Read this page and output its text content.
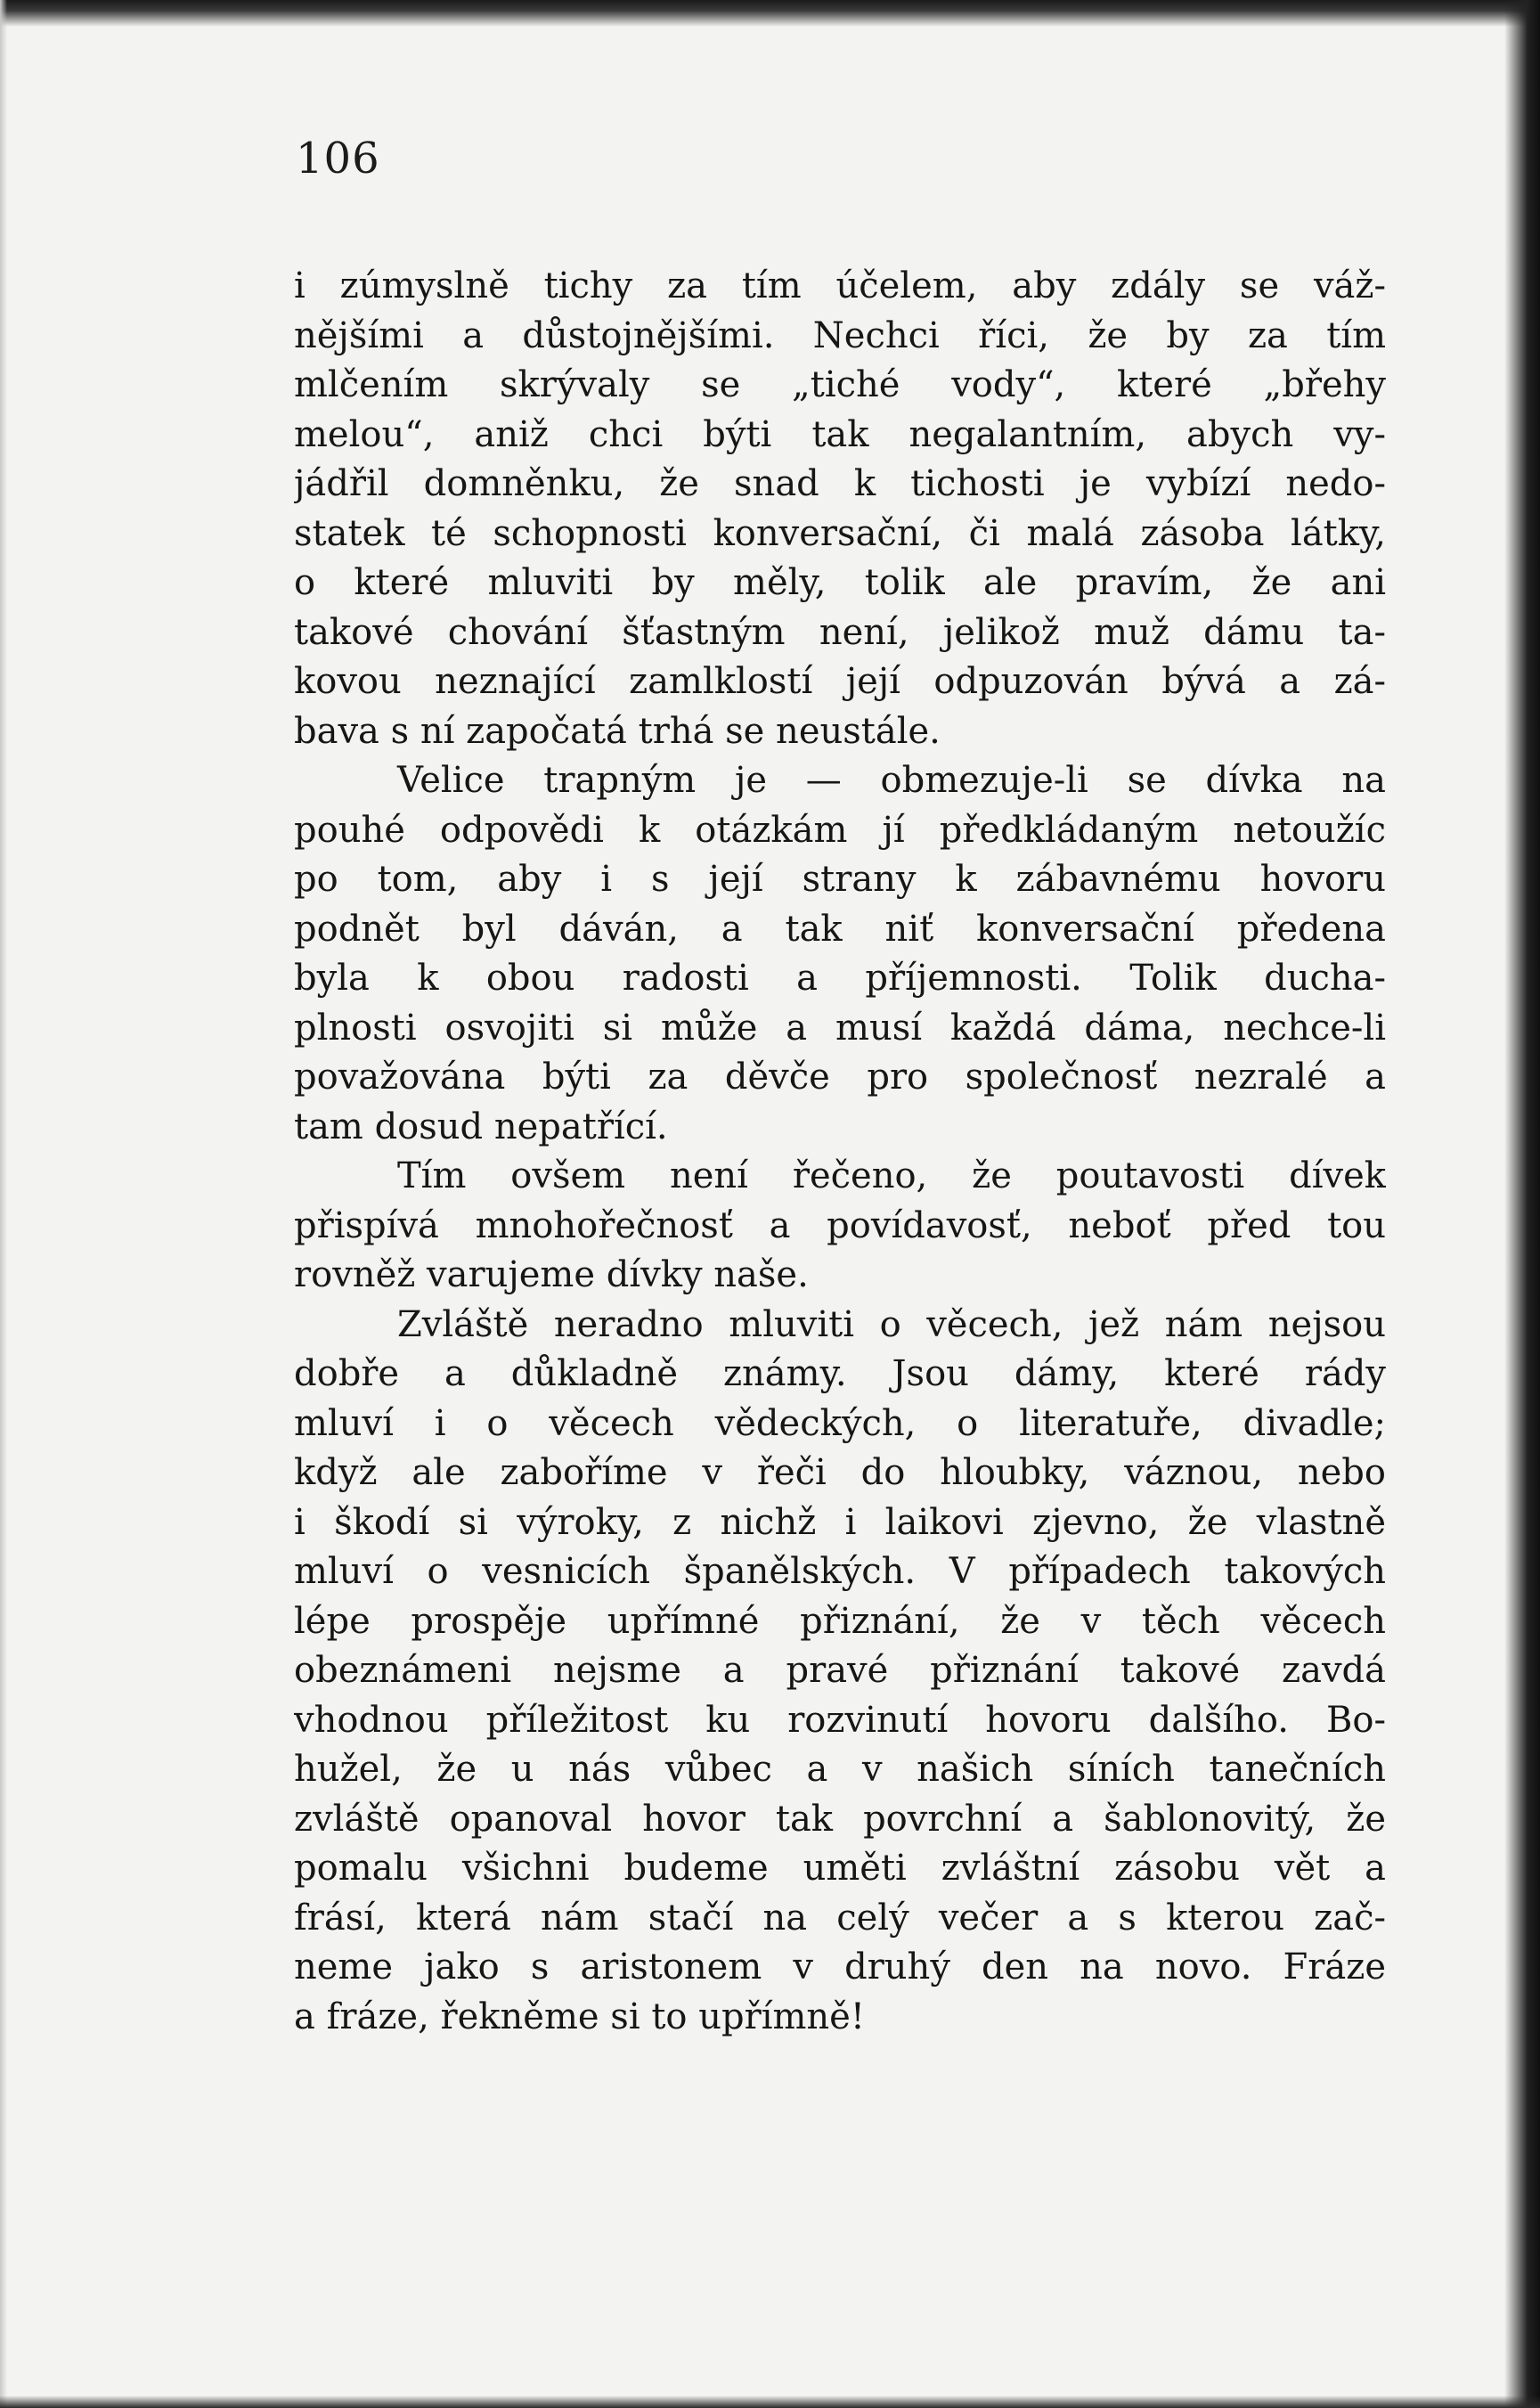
106
i zúmyslně tichy za tím účelem, aby zdály se váž-
nějšími a důstojnějšími. Nechci říci, že by za tím
mlčením skrývaly se „tiché vody“, které „břehy
melou“, aniž chci býti tak negalantním, abych vy-
jádřil domněnku, že snad k tichosti je vybízí nedo-
statek té schopnosti konversační, či malá zásoba látky,
o které mluviti by měly, tolik ale pravím, že ani
takové chování šťastným není, jelikož muž dámu ta-
kovou neznající zamlklostí její odpuzován bývá a zá-
bava s ní započatá trhá se neustále.
Velice trapným je — obmezuje-li se dívka na
pouhé odpovědi k otázkám jí předkládaným netoužíc
po tom, aby i s její strany k zábavnému hovoru
podnět byl dáván, a tak niť konversační předena
byla k obou radosti a příjemnosti. Tolik ducha-
plnosti osvojiti si může a musí každá dáma, nechce-li
považována býti za děvče pro společnosť nezralé a
tam dosud nepatřící.
Tím ovšem není řečeno, že poutavosti dívek
přispívá mnohořečnosť a povídavosť, neboť před tou
rovněž varujeme dívky naše.
Zvláště neradno mluviti o věcech, jež nám nejsou
dobře a důkladně známy. Jsou dámy, které rády
mluví i o věcech vědeckých, o literatuře, divadle;
když ale zaboříme v řeči do hloubky, váznou, nebo
i škodí si výroky, z nichž i laikovi zjevno, že vlastně
mluví o vesnicích španělských. V případech takových
lépe prospěje upřímné přiznání, že v těch věcech
obeznámeni nejsme a pravé přiznání takové zavdá
vhodnou příležitost ku rozvinutí hovoru dalšího. Bo-
hužel, že u nás vůbec a v našich síních tanečních
zvláště opanoval hovor tak povrchní a šablonovitý, že
pomalu všichni budeme uměti zvláštní zásobu vět a
frásí, která nám stačí na celý večer a s kterou zač-
neme jako s aristonem v druhý den na novo. Fráze
a fráze, řekněme si to upřímně!
